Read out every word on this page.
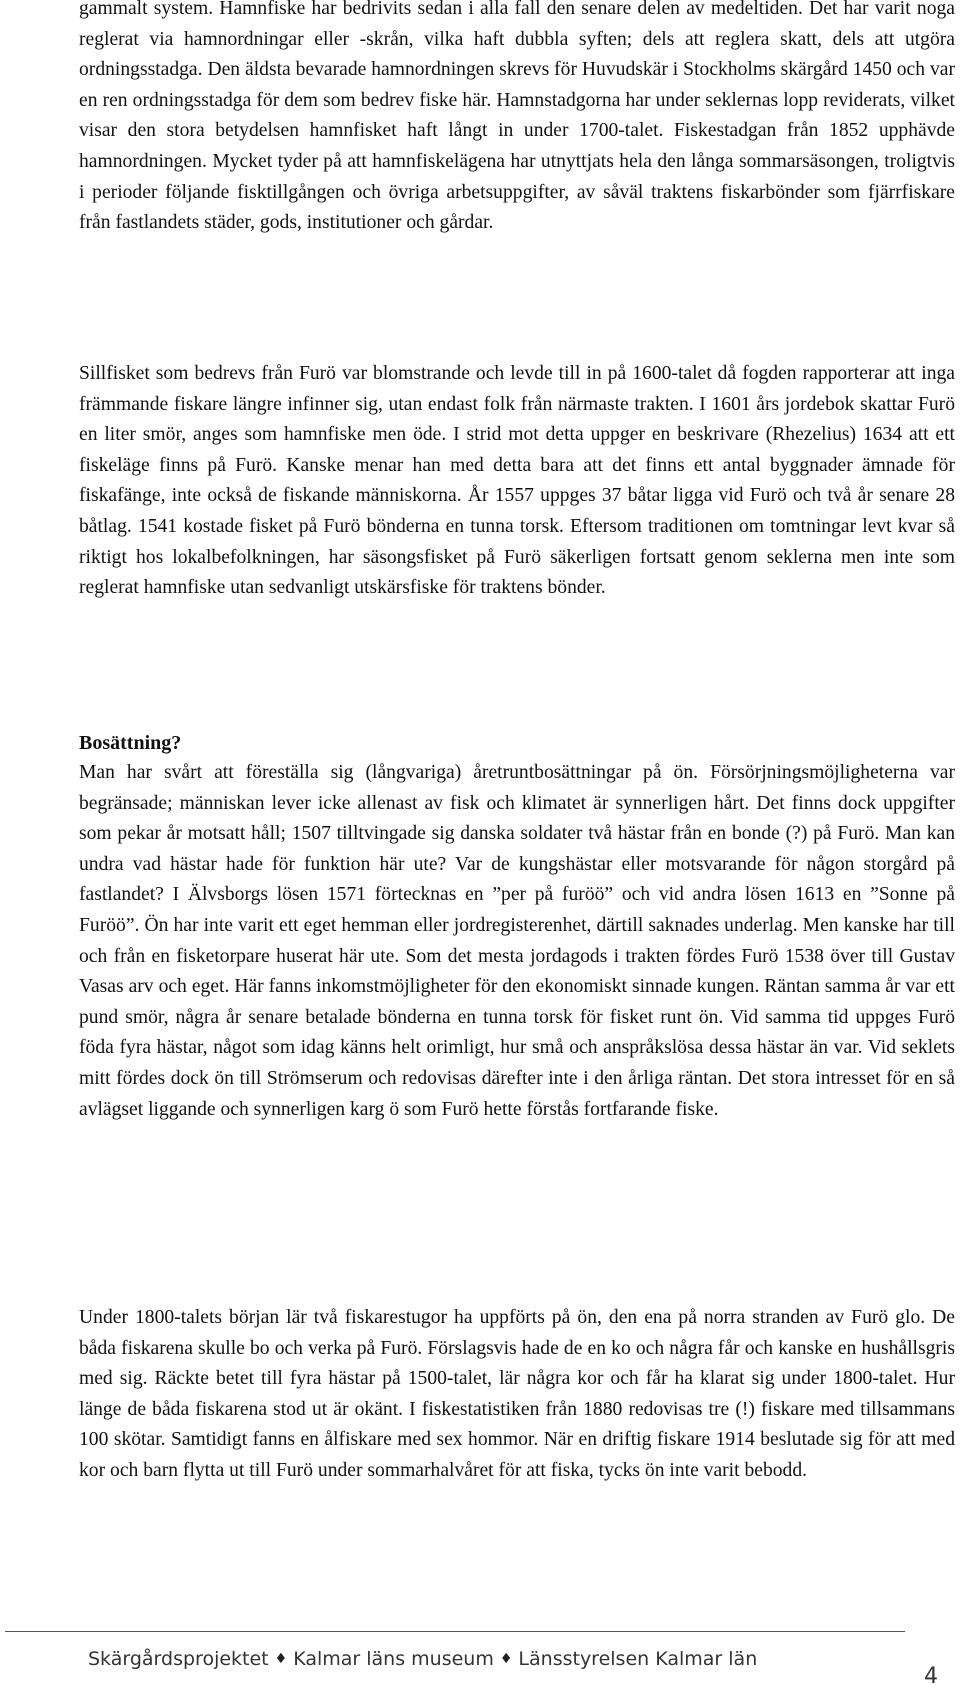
gammalt system. Hamnfiske har bedrivits sedan i alla fall den senare delen av medeltiden. Det har varit noga reglerat via hamnordningar eller -skrån, vilka haft dubbla syften; dels att reglera skatt, dels att utgöra ordningsstadga. Den äldsta bevarade hamnordningen skrevs för Huvudskär i Stockholms skärgård 1450 och var en ren ordningsstadga för dem som bedrev fiske här. Hamnstadgorna har under seklernas lopp reviderats, vilket visar den stora betydelsen hamnfisket haft långt in under 1700-talet. Fiskestadgan från 1852 upphävde hamnordningen. Mycket tyder på att hamnfiskelägena har utnyttjats hela den långa sommarsäsongen, troligtvis i perioder följande fisktillgången och övriga arbetsuppgifter, av såväl traktens fiskarbönder som fjärrfiskare från fastlandets städer, gods, institutioner och gårdar.

Sillfisket som bedrevs från Furö var blomstrande och levde till in på 1600-talet då fogden rapporterar att inga främmande fiskare längre infinner sig, utan endast folk från närmaste trakten. I 1601 års jordebok skattar Furö en liter smör, anges som hamnfiske men öde. I strid mot detta uppger en beskrivare (Rhezelius) 1634 att ett fiskeläge finns på Furö. Kanske menar han med detta bara att det finns ett antal byggnader ämnade för fiskafänge, inte också de fiskande människorna. År 1557 uppges 37 båtar ligga vid Furö och två år senare 28 båtlag. 1541 kostade fisket på Furö bönderna en tunna torsk. Eftersom traditionen om tomtningar levt kvar så riktigt hos lokalbefolkningen, har säsongsfisket på Furö säkerligen fortsatt genom seklerna men inte som reglerat hamnfiske utan sedvanligt utskärsfiske för traktens bönder.

Bosättning?

Man har svårt att föreställa sig (långvariga) åretruntbosättningar på ön. Försörjningsmöjligheterna var begränsade; människan lever icke allenast av fisk och klimatet är synnerligen hårt. Det finns dock uppgifter som pekar år motsatt håll; 1507 tilltvingade sig danska soldater två hästar från en bonde (?) på Furö. Man kan undra vad hästar hade för funktion här ute? Var de kungshästar eller motsvarande för någon storgård på fastlandet? I Älvsborgs lösen 1571 förtecknas en ”per på furöö” och vid andra lösen 1613 en ”Sonne på Furöö”. Ön har inte varit ett eget hemman eller jordregisterenhet, därtill saknades underlag. Men kanske har till och från en fisketorpare huserat här ute. Som det mesta jordagods i trakten fördes Furö 1538 över till Gustav Vasas arv och eget. Här fanns inkomstmöjligheter för den ekonomiskt sinnade kungen. Räntan samma år var ett pund smör, några år senare betalade bönderna en tunna torsk för fisket runt ön. Vid samma tid uppges Furö föda fyra hästar, något som idag känns helt orimligt, hur små och anspråkslösa dessa hästar än var. Vid seklets mitt fördes dock ön till Strömserum och redovisas därefter inte i den årliga räntan. Det stora intresset för en så avlägset liggande och synnerligen karg ö som Furö hette förstås fortfarande fiske.

Under 1800-talets början lär två fiskarestugor ha uppförts på ön, den ena på norra stranden av Furö glo. De båda fiskarena skulle bo och verka på Furö. Förslagsvis hade de en ko och några får och kanske en hushållsgris med sig. Räckte betet till fyra hästar på 1500-talet, lär några kor och får ha klarat sig under 1800-talet. Hur länge de båda fiskarena stod ut är okänt. I fiskestatistiken från 1880 redovisas tre (!) fiskare med tillsammans 100 skötar. Samtidigt fanns en ålfiskare med sex hommor. När en driftig fiskare 1914 beslutade sig för att med kor och barn flytta ut till Furö under sommarhalvåret för att fiska, tycks ön inte varit bebodd.

Skärgårdsprojektet ♦ Kalmar läns museum ♦ Länsstyrelsen Kalmar län
4
